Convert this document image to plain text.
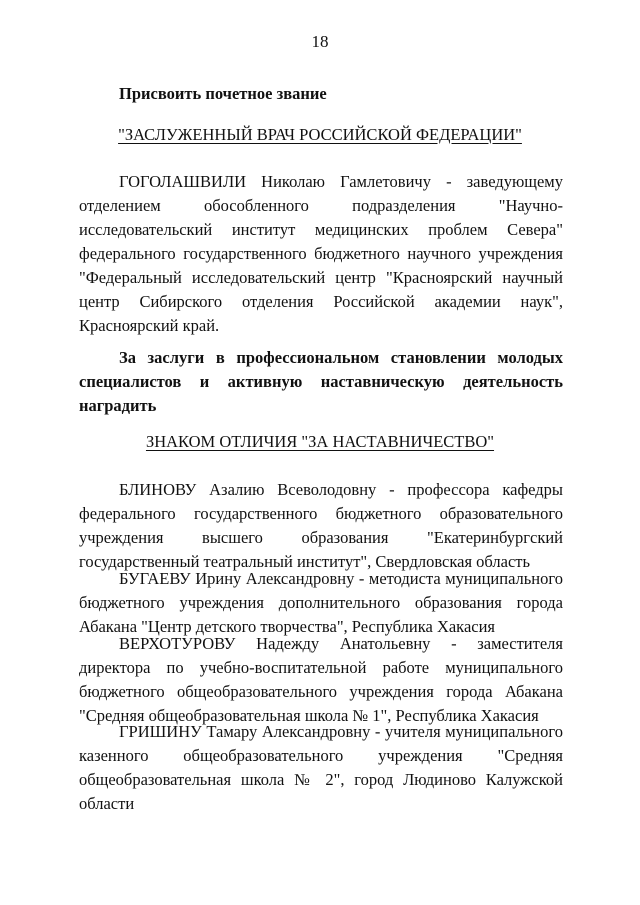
18
Присвоить почетное звание
"ЗАСЛУЖЕННЫЙ ВРАЧ РОССИЙСКОЙ ФЕДЕРАЦИИ"

ГОГОЛАШВИЛИ Николаю Гамлетовичу - заведующему отделением обособленного подразделения "Научно-исследовательский институт медицинских проблем Севера" федерального государственного бюджетного научного учреждения "Федеральный исследовательский центр "Красноярский научный центр Сибирского отделения Российской академии наук", Красноярский край.

За заслуги в профессиональном становлении молодых специалистов и активную наставническую деятельность наградить

ЗНАКОМ ОТЛИЧИЯ "ЗА НАСТАВНИЧЕСТВО"

БЛИНОВУ Азалию Всеволодовну - профессора кафедры федерального государственного бюджетного образовательного учреждения высшего образования "Екатеринбургский государственный театральный институт", Свердловская область

БУГАЕВУ Ирину Александровну - методиста муниципального бюджетного учреждения дополнительного образования города Абакана "Центр детского творчества", Республика Хакасия

ВЕРХОТУРОВУ Надежду Анатольевну - заместителя директора по учебно-воспитательной работе муниципального бюджетного общеобразовательного учреждения города Абакана "Средняя общеобразовательная школа № 1", Республика Хакасия

ГРИШИНУ Тамару Александровну - учителя муниципального казенного общеобразовательного учреждения "Средняя общеобразовательная школа № 2", город Людиново Калужской области
